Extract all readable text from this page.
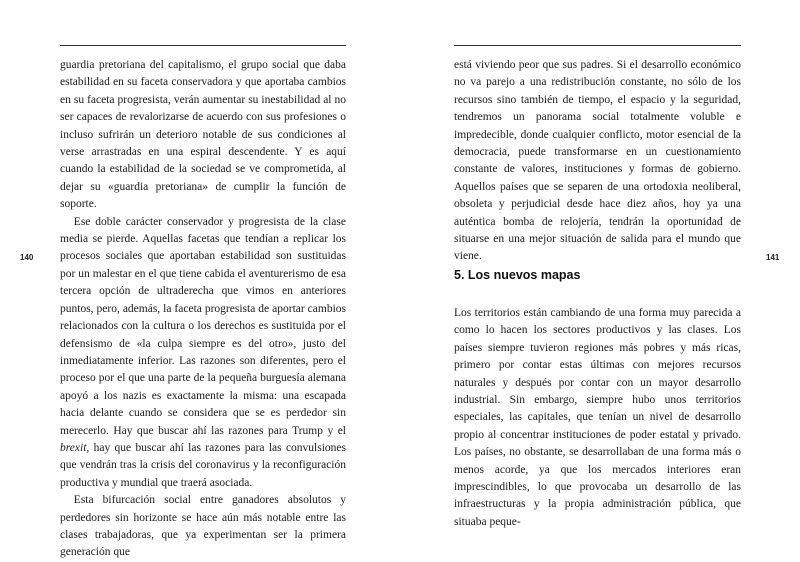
140

guardia pretoriana del capitalismo, el grupo social que daba estabilidad en su faceta conservadora y que aportaba cambios en su faceta progresista, verán aumentar su inestabilidad al no ser capaces de revalorizarse de acuerdo con sus profesiones o incluso sufrirán un deterioro notable de sus condiciones al verse arrastradas en una espiral descendente. Y es aquí cuando la estabilidad de la sociedad se ve comprometida, al dejar su «guardia pretoriana» de cumplir la función de soporte.

Ese doble carácter conservador y progresista de la clase media se pierde. Aquellas facetas que tendían a replicar los procesos sociales que aportaban estabilidad son sustituidas por un malestar en el que tiene cabida el aventurerismo de esa tercera opción de ultraderecha que vimos en anteriores puntos, pero, además, la faceta progresista de aportar cambios relacionados con la cultura o los derechos es sustituida por el defensismo de «la culpa siempre es del otro», justo del inmediatamente inferior. Las razones son diferentes, pero el proceso por el que una parte de la pequeña burguesía alemana apoyó a los nazis es exactamente la misma: una escapada hacia delante cuando se considera que se es perdedor sin merecerlo. Hay que buscar ahí las razones para Trump y el brexit, hay que buscar ahí las razones para las convulsiones que vendrán tras la crisis del coronavirus y la reconfiguración productiva y mundial que traerá asociada.

Esta bifurcación social entre ganadores absolutos y perdedores sin horizonte se hace aún más notable entre las clases trabajadoras, que ya experimentan ser la primera generación que

141

está viviendo peor que sus padres. Si el desarrollo económico no va parejo a una redistribución constante, no sólo de los recursos sino también de tiempo, el espacio y la seguridad, tendremos un panorama social totalmente voluble e impredecible, donde cualquier conflicto, motor esencial de la democracia, puede transformarse en un cuestionamiento constante de valores, instituciones y formas de gobierno. Aquellos países que se separen de una ortodoxia neoliberal, obsoleta y perjudicial desde hace diez años, hoy ya una auténtica bomba de relojería, tendrán la oportunidad de situarse en una mejor situación de salida para el mundo que viene.

5. Los nuevos mapas

Los territorios están cambiando de una forma muy parecida a como lo hacen los sectores productivos y las clases. Los países siempre tuvieron regiones más pobres y más ricas, primero por contar estas últimas con mejores recursos naturales y después por contar con un mayor desarrollo industrial. Sin embargo, siempre hubo unos territorios especiales, las capitales, que tenían un nivel de desarrollo propio al concentrar instituciones de poder estatal y privado. Los países, no obstante, se desarrollaban de una forma más o menos acorde, ya que los mercados interiores eran imprescindibles, lo que provocaba un desarrollo de las infraestructuras y la propia administración pública, que situaba peque-
